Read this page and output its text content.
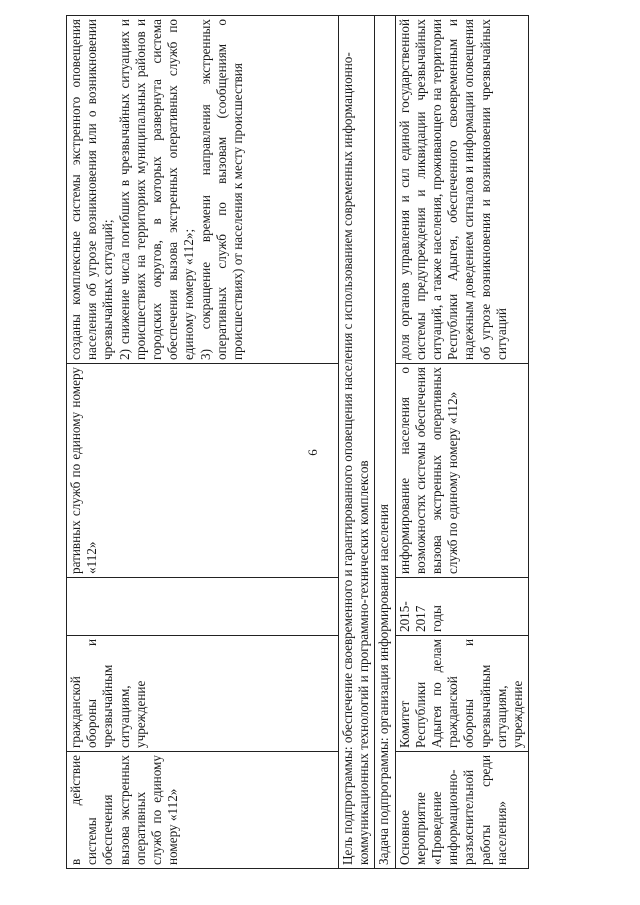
6
в действие системы обеспечения вызова экстренных оперативных служб по единому номеру «112»	гражданской обороны и чрезвычайным ситуациям, учреждение		ративных служб по единому номеру «112»	созданы комплексные системы экстренного оповещения населения об угрозе возникновения или о возникновении чрезвычайных ситуаций; 2) снижение числа погибших в чрезвычайных ситуациях и происшествиях на территориях муниципальных районов и городских округов, в которых развернута система обеспечения вызова экстренных оперативных служб по единому номеру «112»; 3) сокращение времени направления экстренных оперативных служб по вызовам (сообщениям о происшествиях) от населения к месту происшествия

Цель подпрограммы: обеспечение своевременного и гарантированного оповещения населения с использованием современных информационно-коммуникационных технологий и программно-технических комплексов				
Задача подпрограммы: организация информирования населения				
Основное мероприятие «Проведение информационно-разъяснительной работы среди населения»	Комитет Республики Адыгея по делам гражданской обороны и чрезвычайным ситуациям, учреждение	2015-2017 годы	информирование населения о возможностях системы обеспечения вызова экстренных оперативных служб по единому номеру «112»	доля органов управления и сил единой государственной системы предупреждения и ликвидации чрезвычайных ситуаций, а также населения, проживающего на территории Республики Адыгея, обеспеченного своевременным и надежным доведением сигналов и информации оповещения об угрозе возникновения и возникновении чрезвычайных ситуаций
